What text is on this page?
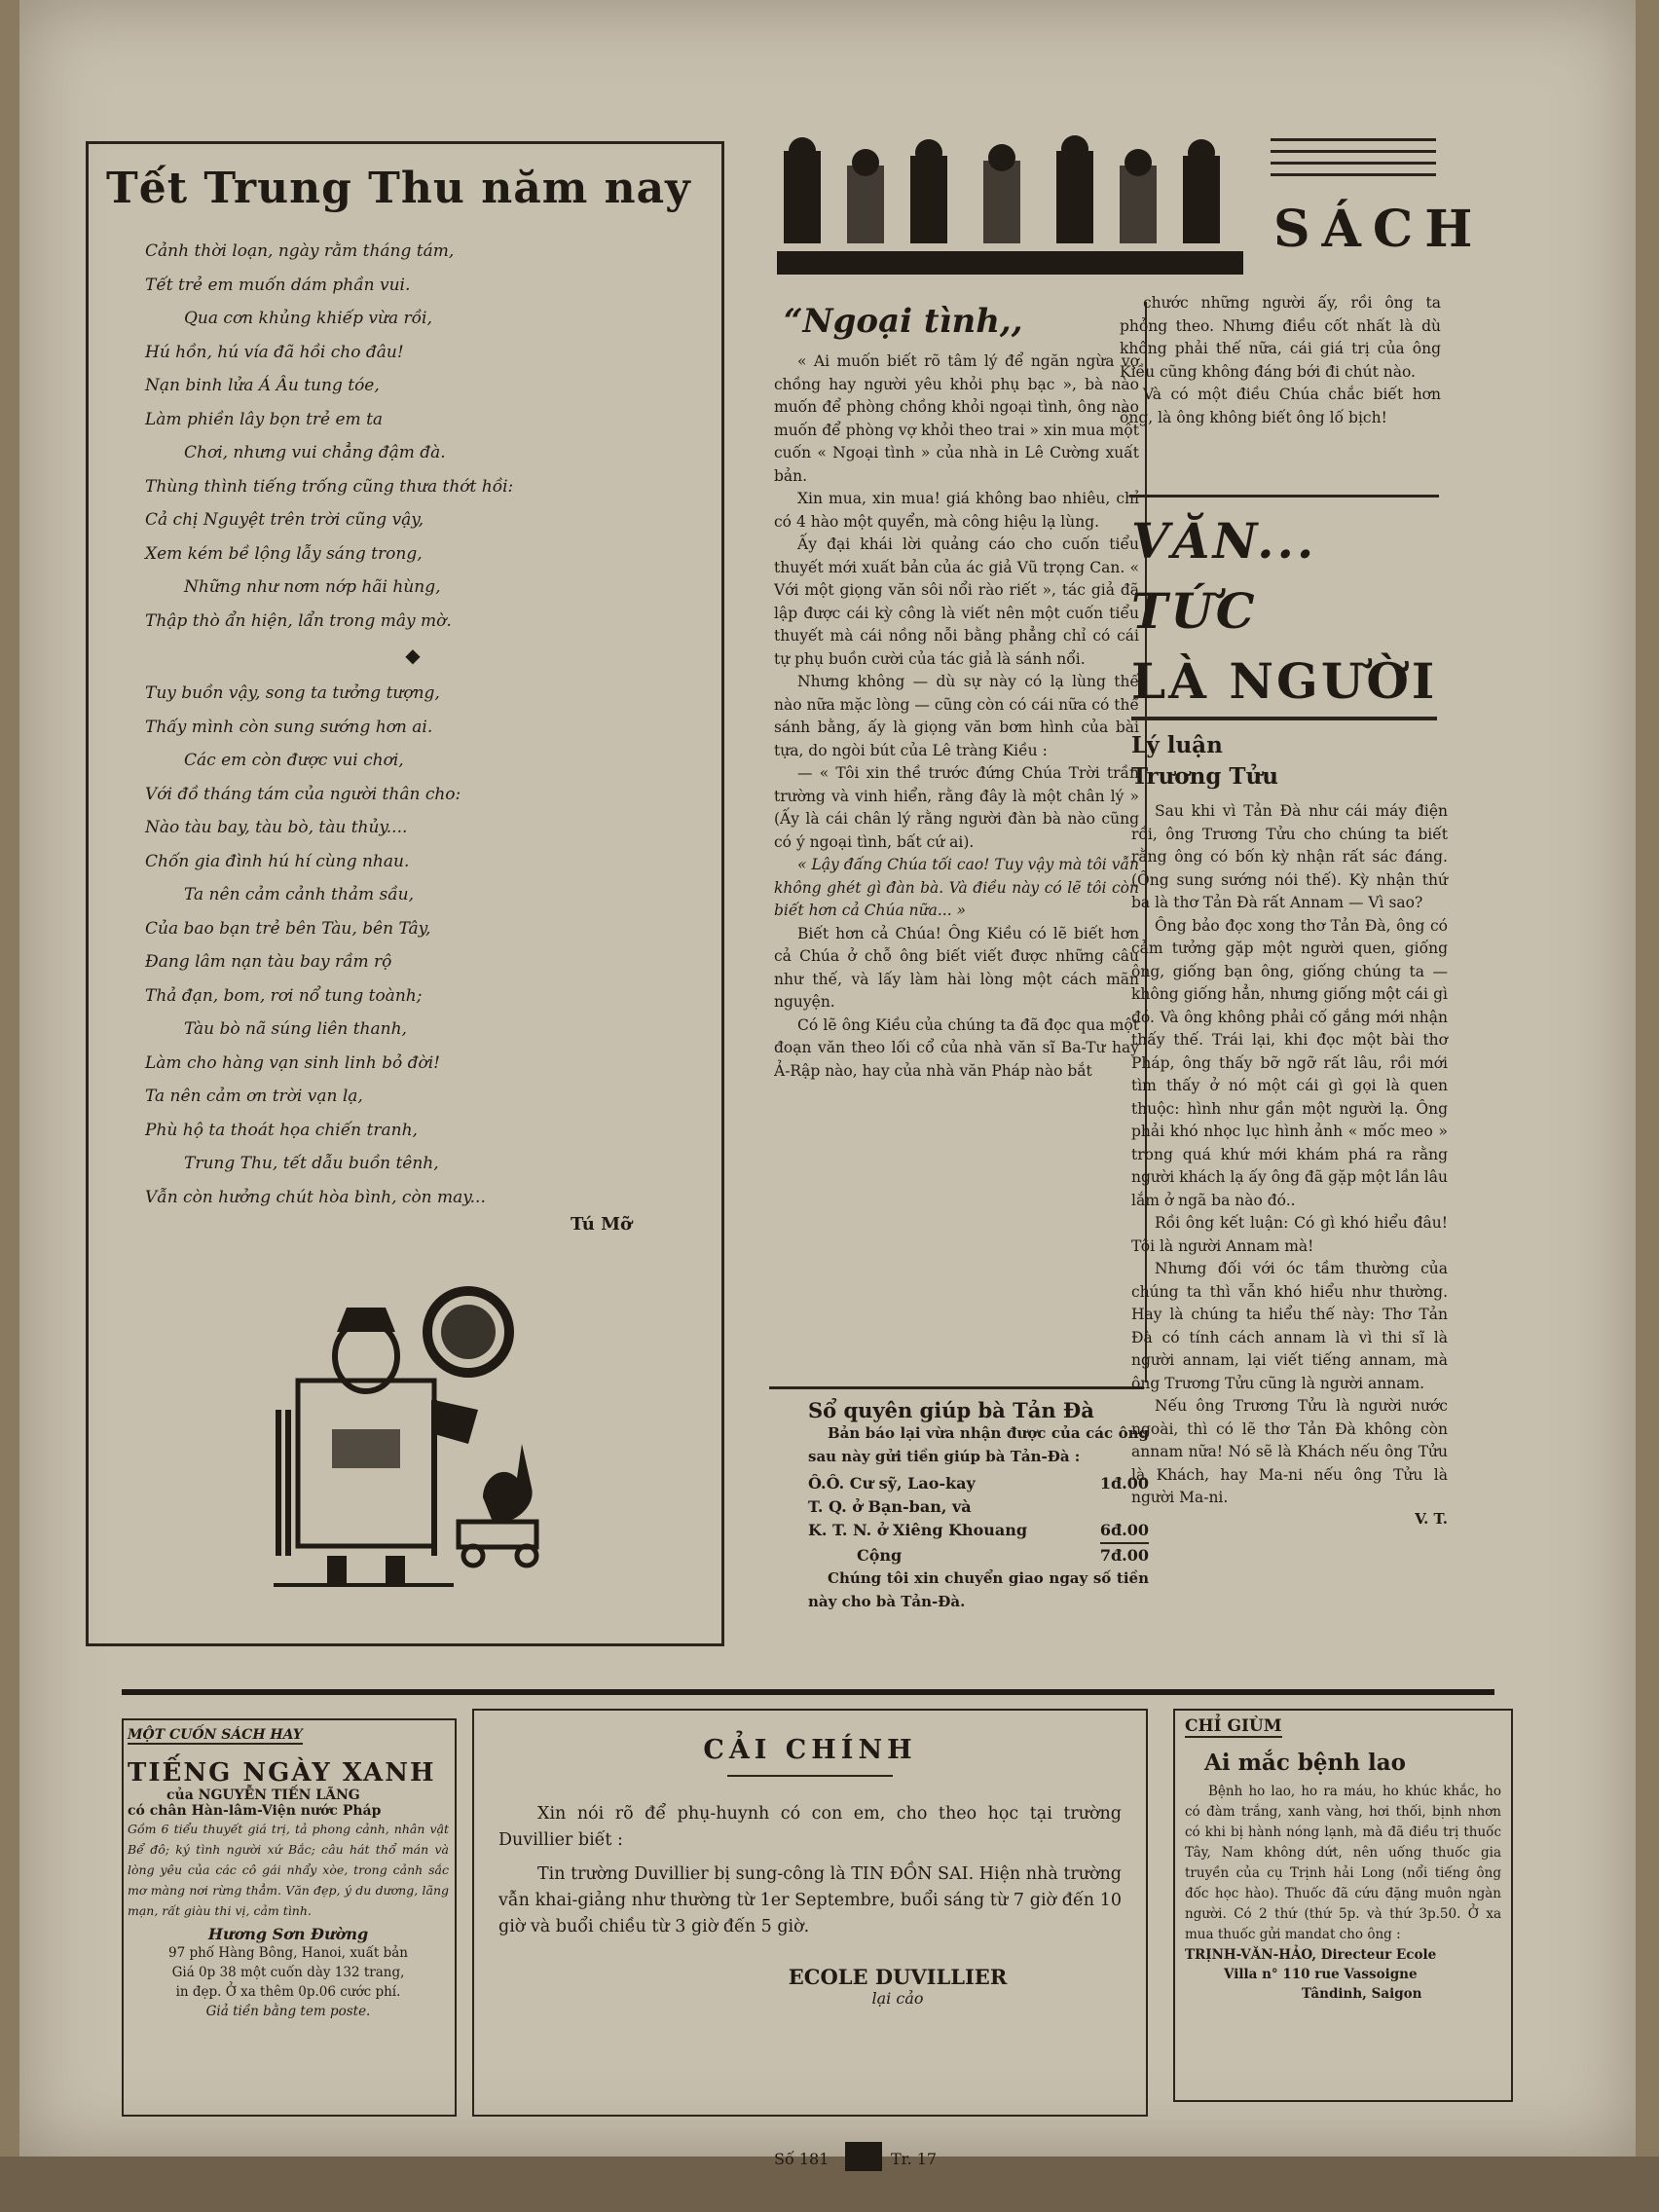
Tết Trung Thu năm nay
Cảnh thời loạn, ngày rằm tháng tám,
Tết trẻ em muốn dám phần vui.
Qua cơn khủng khiếp vừa rồi,
Hú hồn, hú vía đã hồi cho đâu!
Nạn binh lửa Á Âu tung tóe,
Làm phiền lây bọn trẻ em ta
Chơi, nhưng vui chẳng đậm đà.
Thùng thình tiếng trống cũng thưa thớt hồi:
Cả chị Nguyệt trên trời cũng vậy,
Xem kém bề lộng lẫy sáng trong,
Những như nơm nớp hãi hùng,
Thập thò ẩn hiện, lẩn trong mây mờ.
◆
Tuy buồn vậy, song ta tưởng tượng,
Thấy mình còn sung sướng hơn ai.
Các em còn được vui chơi,
Với đồ tháng tám của người thân cho:
Nào tàu bay, tàu bò, tàu thủy....
Chốn gia đình hú hí cùng nhau.
Ta nên cảm cảnh thảm sầu,
Của bao bạn trẻ bên Tàu, bên Tây,
Đang lâm nạn tàu bay rầm rộ
Thả đạn, bom, rơi nổ tung toành;
Tàu bò nã súng liên thanh,
Làm cho hàng vạn sinh linh bỏ đời!
Ta nên cảm ơn trời vạn lạ,
Phù hộ ta thoát họa chiến tranh,
Trung Thu, tết dẫu buồn tênh,
Vẫn còn hưởng chút hòa bình, còn may...
Tú Mỡ
SÁCH
“Ngoại tình,,

« Ai muốn biết rõ tâm lý để ngăn ngừa vợ chồng hay người yêu khỏi phụ bạc », bà nào muốn để phòng chồng khỏi ngoại tình, ông nào muốn để phòng vợ khỏi theo trai » xin mua một cuốn « Ngoại tình » của nhà in Lê Cường xuất bản.

Xin mua, xin mua! giá không bao nhiêu, chỉ có 4 hào một quyển, mà công hiệu lạ lùng.

Ấy đại khái lời quảng cáo cho cuốn tiểu thuyết mới xuất bản của ác giả Vũ trọng Can. « Với một giọng văn sôi nổi rào riết », tác giả đã lập được cái kỳ công là viết nên một cuốn tiểu thuyết mà cái nồng nỗi bằng phẳng chỉ có cái tự phụ buồn cười của tác giả là sánh nổi.

Nhưng không — dù sự này có lạ lùng thế nào nữa mặc lòng — cũng còn có cái nữa có thể sánh bằng, ấy là giọng văn bơm hình của bài tựa, do ngòi bút của Lê tràng Kiều :

— « Tôi xin thề trước đứng Chúa Trời trần trường và vinh hiển, rằng đây là một chân lý » (Ấy là cái chân lý rằng người đàn bà nào cũng có ý ngoại tình, bất cứ ai).

« Lậy đấng Chúa tối cao! Tuy vậy mà tôi vẫn không ghét gì đàn bà. Và điều này có lẽ tôi còn biết hơn cả Chúa nữa... »

Biết hơn cả Chúa! Ông Kiều có lẽ biết hơn cả Chúa ở chỗ ông biết viết được những câu như thế, và lấy làm hài lòng một cách mãn nguyện.

Có lẽ ông Kiều của chúng ta đã đọc qua một đoạn văn theo lối cổ của nhà văn sĩ Ba-Tư hay Ả-Rập nào, hay của nhà văn Pháp nào bắt

Sổ quyên giúp bà Tản Đà
Bản báo lại vừa nhận được của các ông sau này gửi tiền giúp bà Tản-Đà :
Ô.Ô. Cư sỹ, Lao-kay	1đ.00
T. Q. ở Bạn-ban, và
K. T. N. ở Xiêng Khouang	6đ.00
Cộng	7đ.00
Chúng tôi xin chuyển giao ngay số tiền này cho bà Tản-Đà.

chước những người ấy, rồi ông ta phỏng theo. Nhưng điều cốt nhất là dù không phải thế nữa, cái giá trị của ông Kiều cũng không đáng bới đi chút nào.

Và có một điều Chúa chắc biết hơn ông, là ông không biết ông lố bịch!

VĂN... TỨC
LÀ NGƯỜI
Lý luận
Trương Tửu

Sau khi vì Tản Đà như cái máy điện rồi, ông Trương Tửu cho chúng ta biết rằng ông có bốn kỳ nhận rất sác đáng. (Ông sung sướng nói thế). Kỳ nhận thứ ba là thơ Tản Đà rất Annam — Vì sao?

Ông bảo đọc xong thơ Tản Đà, ông có cảm tưởng gặp một người quen, giống ông, giống bạn ông, giống chúng ta — không giống hẳn, nhưng giống một cái gì đó. Và ông không phải cố gắng mới nhận thấy thế. Trái lại, khi đọc một bài thơ Pháp, ông thấy bỡ ngỡ rất lâu, rồi mới tìm thấy ở nó một cái gì gọi là quen thuộc: hình như gần một người lạ. Ông phải khó nhọc lục hình ảnh « mốc meo » trong quá khứ mới khám phá ra rằng người khách lạ ấy ông đã gặp một lần lâu lắm ở ngã ba nào đó..

Rồi ông kết luận: Có gì khó hiểu đâu! Tôi là người Annam mà!

Nhưng đối với óc tầm thường của chúng ta thì vẫn khó hiểu như thường. Hay là chúng ta hiểu thế này: Thơ Tản Đà có tính cách annam là vì thi sĩ là người annam, lại viết tiếng annam, mà ông Trương Tửu cũng là người annam.

Nếu ông Trương Tửu là người nước ngoài, thì có lẽ thơ Tản Đà không còn annam nữa! Nó sẽ là Khách nếu ông Tửu là Khách, hay Ma-ni nếu ông Tửu là người Ma-ni.

V. T.
MỘT CUỐN SÁCH HAY
TIẾNG NGÀY XANH
của NGUYỄN TIẾN LÃNG
có chân Hàn-lâm-Viện nước Pháp
Gồm 6 tiểu thuyết giá trị, tả phong cảnh, nhân vật Bể đô; ký tình người xứ Bắc; câu hát thổ mán và lòng yêu của các cô gái nhẩy xòe, trong cảnh sắc mơ màng nơi rừng thẳm. Văn đẹp, ý du dương, lãng mạn, rất giàu thi vị, cảm tình.
Hương Sơn Đường
97 phố Hàng Bông, Hanoi, xuất bản
Giá 0p 38 một cuốn dày 132 trang,
in đẹp. Ở xa thêm 0p.06 cước phí.
Giả tiền bằng tem poste.
CẢI CHÍNH
Xin nói rõ để phụ-huynh có con em, cho theo học tại trường Duvillier biết :
Tin trường Duvillier bị sung-công là TIN ĐỒN SAI. Hiện nhà trường vẫn khai-giảng như thường từ 1er Septembre, buổi sáng từ 7 giờ đến 10 giờ và buổi chiều từ 3 giờ đến 5 giờ.
ECOLE DUVILLIER
lại cảo
CHỈ GIÙM
Ai mắc bệnh lao
Bệnh ho lao, ho ra máu, ho khúc khắc, ho có đàm trắng, xanh vàng, hơi thối, bịnh nhơn có khi bị hành nóng lạnh, mà đã điều trị thuốc Tây, Nam không dứt, nên uống thuốc gia truyền của cụ Trịnh hải Long (nổi tiếng ông đốc học hào). Thuốc đã cứu đặng muôn ngàn người. Có 2 thứ (thứ 5p. và thứ 3p.50. Ở xa mua thuốc gửi mandat cho ông :
TRỊNH-VĂN-HẢO, Directeur Ecole
Villa n° 110 rue Vassoigne
Tândinh, Saigon
Số 181	Tr. 17
